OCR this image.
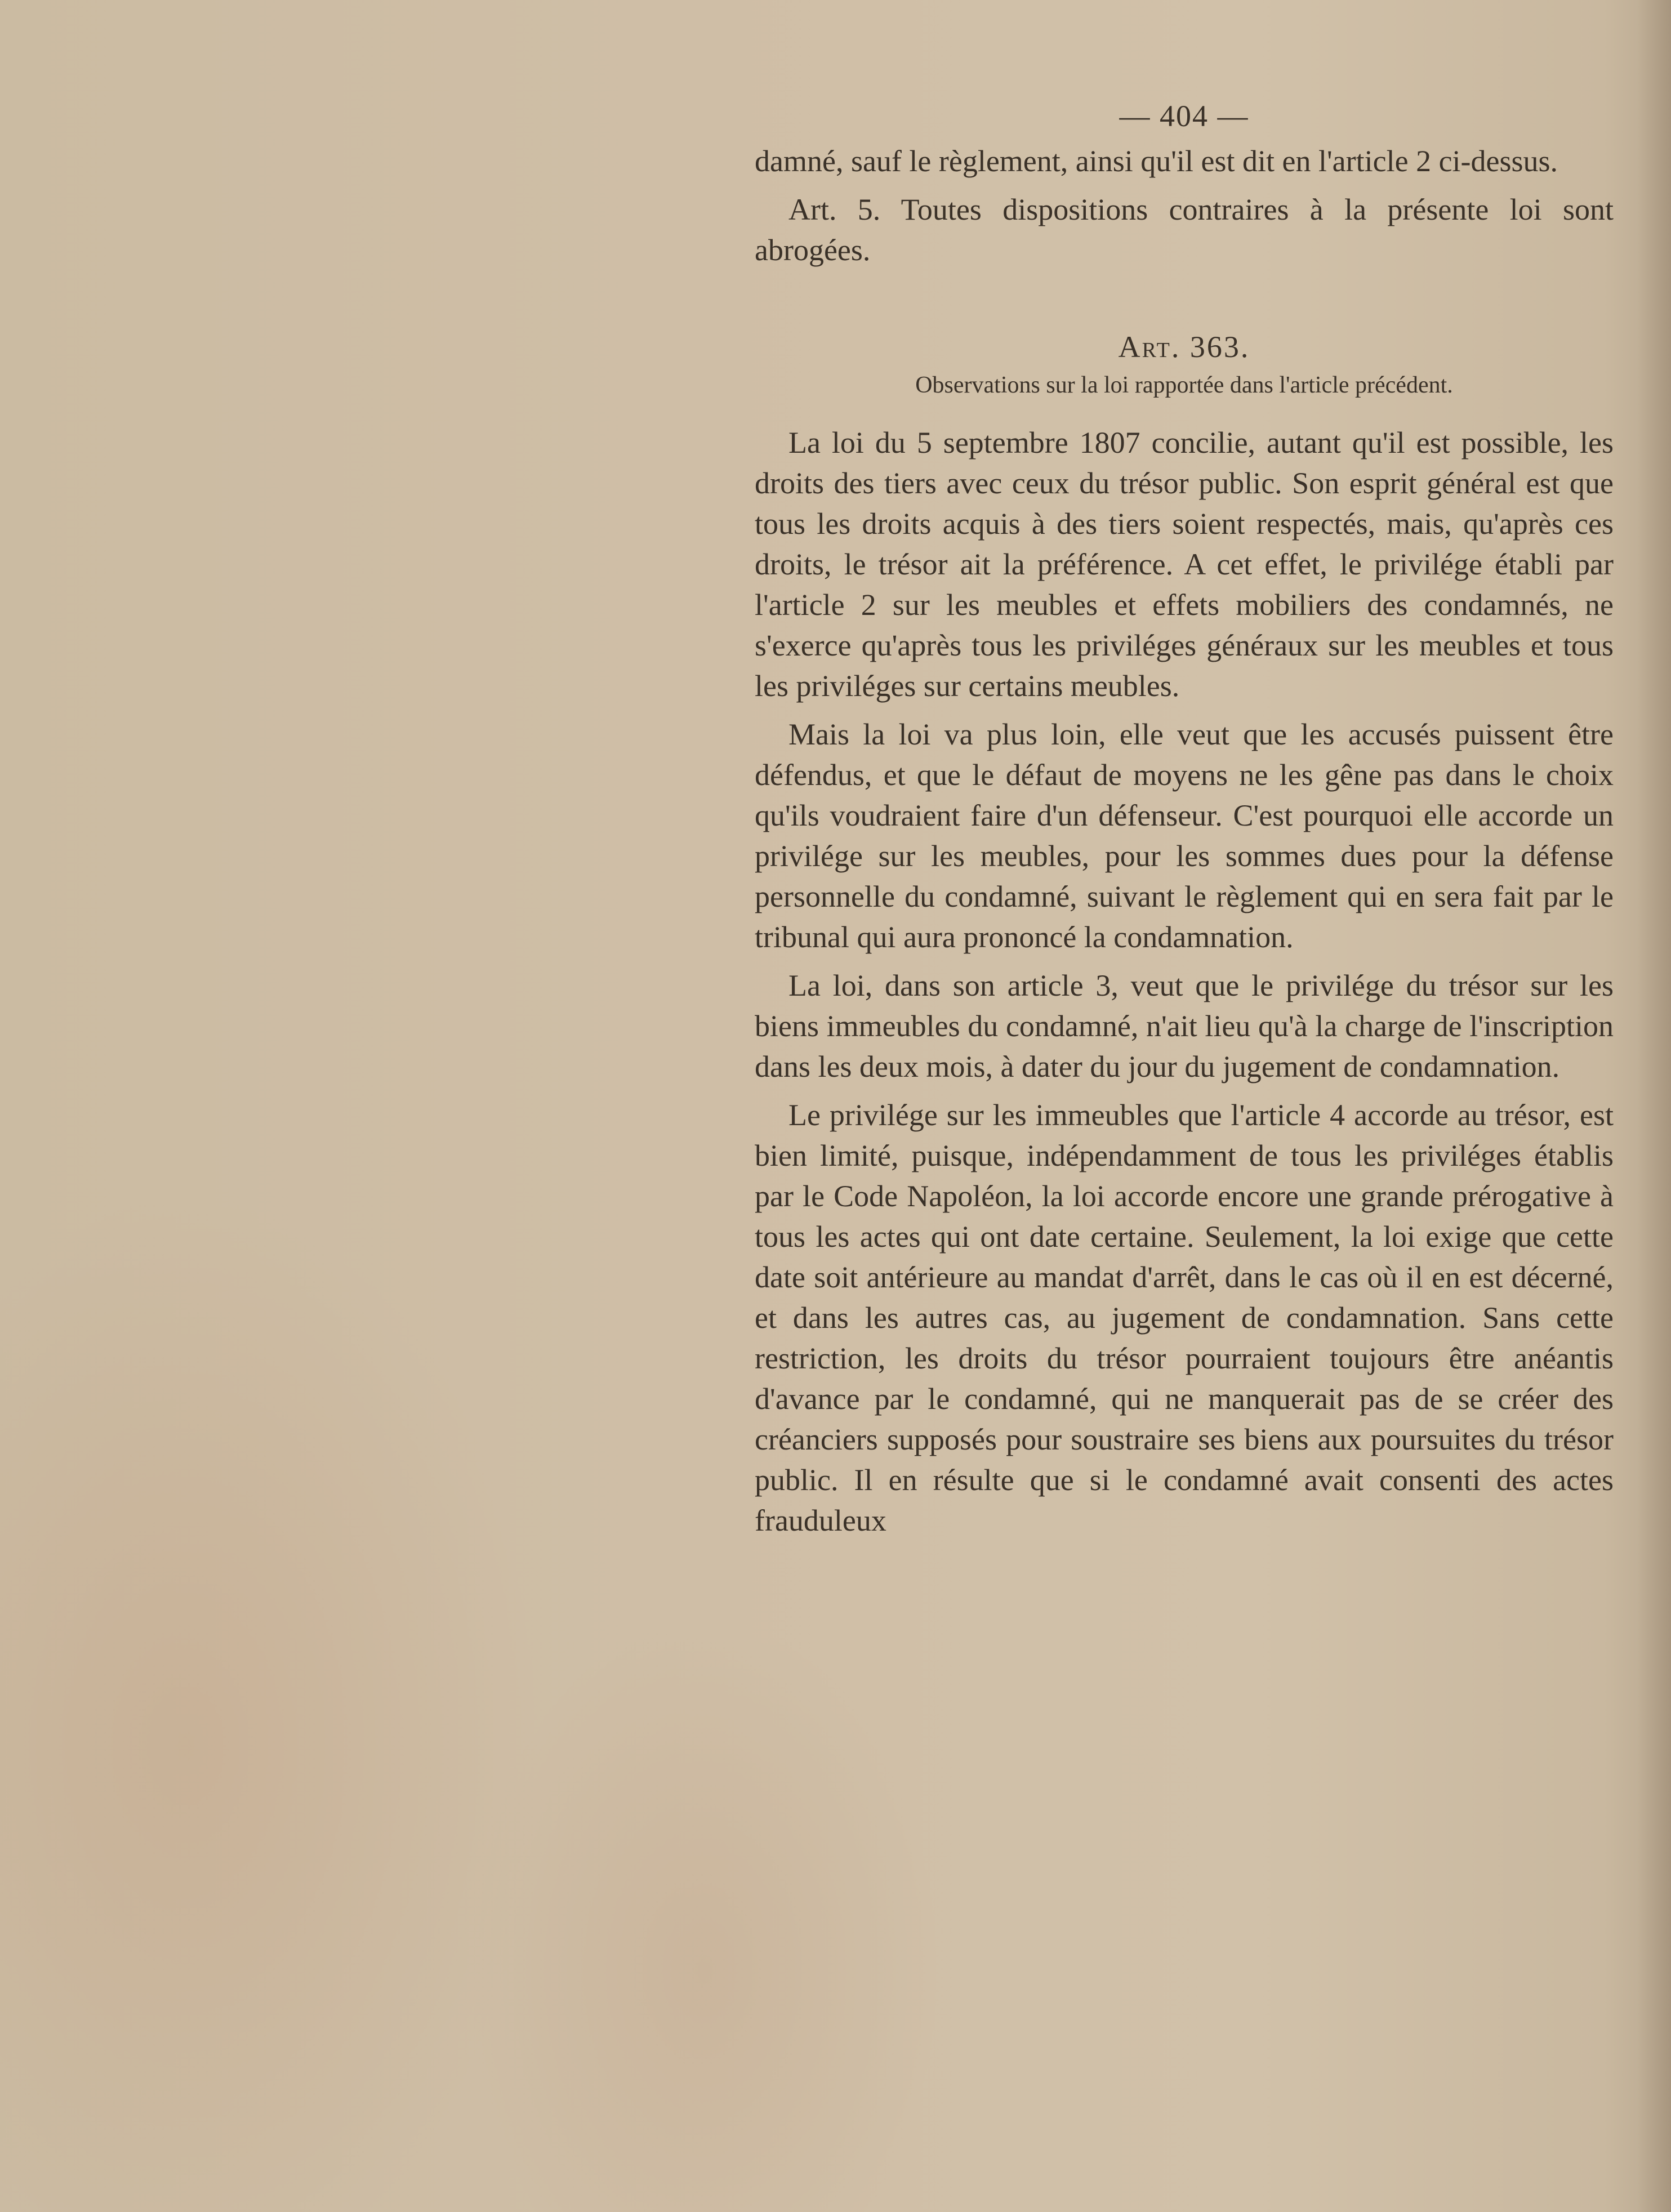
— 404 —

damné, sauf le règlement, ainsi qu'il est dit en l'article 2 ci-dessus.

Art. 5. Toutes dispositions contraires à la présente loi sont abrogées.

Art. 363.
Observations sur la loi rapportée dans l'article précédent.

La loi du 5 septembre 1807 concilie, autant qu'il est possible, les droits des tiers avec ceux du trésor public. Son esprit général est que tous les droits acquis à des tiers soient respectés, mais, qu'après ces droits, le trésor ait la préférence. A cet effet, le privilége établi par l'article 2 sur les meubles et effets mobiliers des condamnés, ne s'exerce qu'après tous les priviléges généraux sur les meubles et tous les priviléges sur certains meubles.

Mais la loi va plus loin, elle veut que les accusés puissent être défendus, et que le défaut de moyens ne les gêne pas dans le choix qu'ils voudraient faire d'un défenseur. C'est pourquoi elle accorde un privilége sur les meubles, pour les sommes dues pour la défense personnelle du condamné, suivant le règlement qui en sera fait par le tribunal qui aura prononcé la condamnation.

La loi, dans son article 3, veut que le privilége du trésor sur les biens immeubles du condamné, n'ait lieu qu'à la charge de l'inscription dans les deux mois, à dater du jour du jugement de condamnation.

Le privilége sur les immeubles que l'article 4 accorde au trésor, est bien limité, puisque, indépendamment de tous les priviléges établis par le Code Napoléon, la loi accorde encore une grande prérogative à tous les actes qui ont date certaine. Seulement, la loi exige que cette date soit antérieure au mandat d'arrêt, dans le cas où il en est décerné, et dans les autres cas, au jugement de condamnation. Sans cette restriction, les droits du trésor pourraient toujours être anéantis d'avance par le condamné, qui ne manquerait pas de se créer des créanciers supposés pour soustraire ses biens aux poursuites du trésor public. Il en résulte que si le condamné avait consenti des actes frauduleux
